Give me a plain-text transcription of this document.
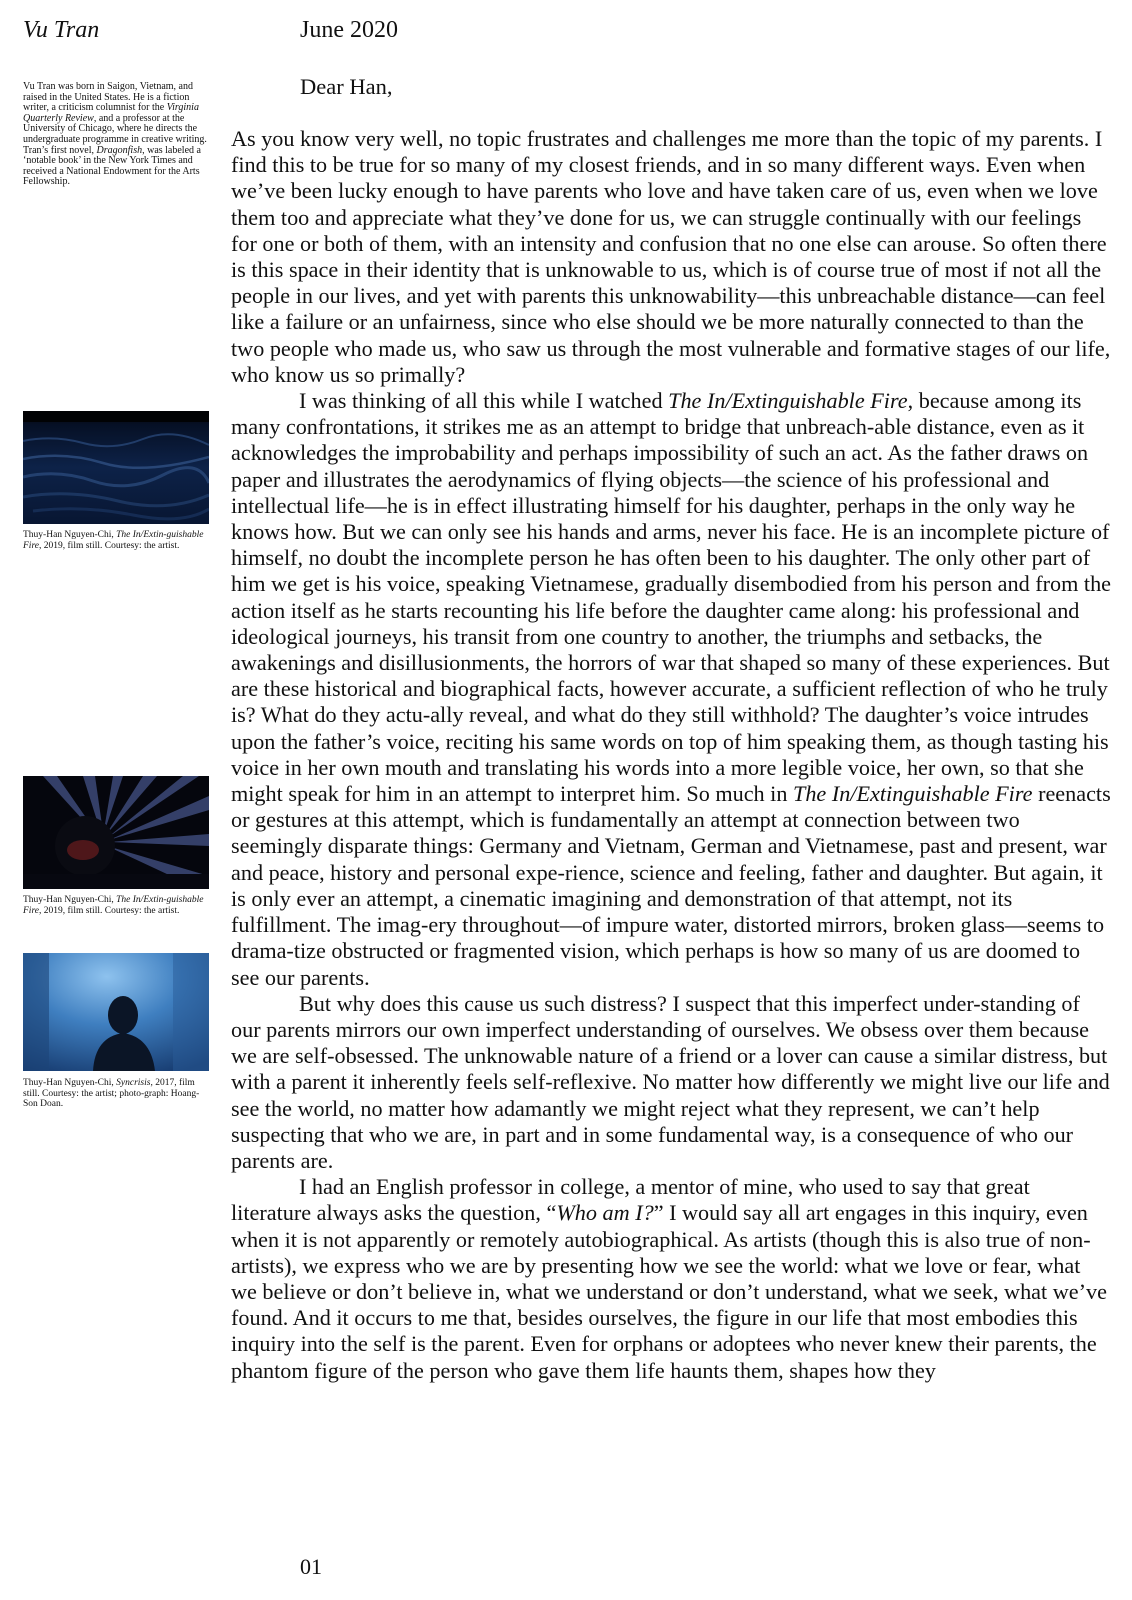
Vu Tran	June 2020
Vu Tran was born in Saigon, Vietnam, and raised in the United States. He is a fiction writer, a criticism columnist for the Virginia Quarterly Review, and a professor at the University of Chicago, where he directs the undergraduate programme in creative writing. Tran’s first novel, Dragonfish, was labeled a ‘notable book’ in the New York Times and received a National Endowment for the Arts Fellowship.
Thuy-Han Nguyen-Chi, The In/Extin-guishable Fire, 2019, film still. Courtesy: the artist.
Thuy-Han Nguyen-Chi, The In/Extin-guishable Fire, 2019, film still. Courtesy: the artist.
Thuy-Han Nguyen-Chi, Syncrisis, 2017, film still. Courtesy: the artist; photo-graph: Hoang-Son Doan.
Dear Han,

As you know very well, no topic frustrates and challenges me more than the topic of my parents. I find this to be true for so many of my closest friends, and in so many different ways. Even when we’ve been lucky enough to have parents who love and have taken care of us, even when we love them too and appreciate what they’ve done for us, we can struggle continually with our feelings for one or both of them, with an intensity and confusion that no one else can arouse. So often there is this space in their identity that is unknowable to us, which is of course true of most if not all the people in our lives, and yet with parents this unknowability—this unbreachable distance—can feel like a failure or an unfairness, since who else should we be more naturally connected to than the two people who made us, who saw us through the most vulnerable and formative stages of our life, who know us so primally?

I was thinking of all this while I watched The In/Extinguishable Fire, because among its many confrontations, it strikes me as an attempt to bridge that unbreach-able distance, even as it acknowledges the improbability and perhaps impossibility of such an act. As the father draws on paper and illustrates the aerodynamics of flying objects—the science of his professional and intellectual life—he is in effect illustrating himself for his daughter, perhaps in the only way he knows how. But we can only see his hands and arms, never his face. He is an incomplete picture of himself, no doubt the incomplete person he has often been to his daughter. The only other part of him we get is his voice, speaking Vietnamese, gradually disembodied from his person and from the action itself as he starts recounting his life before the daughter came along: his professional and ideological journeys, his transit from one country to another, the triumphs and setbacks, the awakenings and disillusionments, the horrors of war that shaped so many of these experiences. But are these historical and biographical facts, however accurate, a sufficient reflection of who he truly is? What do they actu-ally reveal, and what do they still withhold? The daughter’s voice intrudes upon the father’s voice, reciting his same words on top of him speaking them, as though tasting his voice in her own mouth and translating his words into a more legible voice, her own, so that she might speak for him in an attempt to interpret him. So much in The In/Extinguishable Fire reenacts or gestures at this attempt, which is fundamentally an attempt at connection between two seemingly disparate things: Germany and Vietnam, German and Vietnamese, past and present, war and peace, history and personal expe-rience, science and feeling, father and daughter. But again, it is only ever an attempt, a cinematic imagining and demonstration of that attempt, not its fulfillment. The imag-ery throughout—of impure water, distorted mirrors, broken glass—seems to drama-tize obstructed or fragmented vision, which perhaps is how so many of us are doomed to see our parents.

But why does this cause us such distress? I suspect that this imperfect under-standing of our parents mirrors our own imperfect understanding of ourselves. We obsess over them because we are self-obsessed. The unknowable nature of a friend or a lover can cause a similar distress, but with a parent it inherently feels self-reflexive. No matter how differently we might live our life and see the world, no matter how adamantly we might reject what they represent, we can’t help suspecting that who we are, in part and in some fundamental way, is a consequence of who our parents are.

I had an English professor in college, a mentor of mine, who used to say that great literature always asks the question, “Who am I?” I would say all art engages in this inquiry, even when it is not apparently or remotely autobiographical. As artists (though this is also true of non-artists), we express who we are by presenting how we see the world: what we love or fear, what we believe or don’t believe in, what we understand or don’t understand, what we seek, what we’ve found. And it occurs to me that, besides ourselves, the figure in our life that most embodies this inquiry into the self is the parent. Even for orphans or adoptees who never knew their parents, the phantom figure of the person who gave them life haunts them, shapes how they

01
